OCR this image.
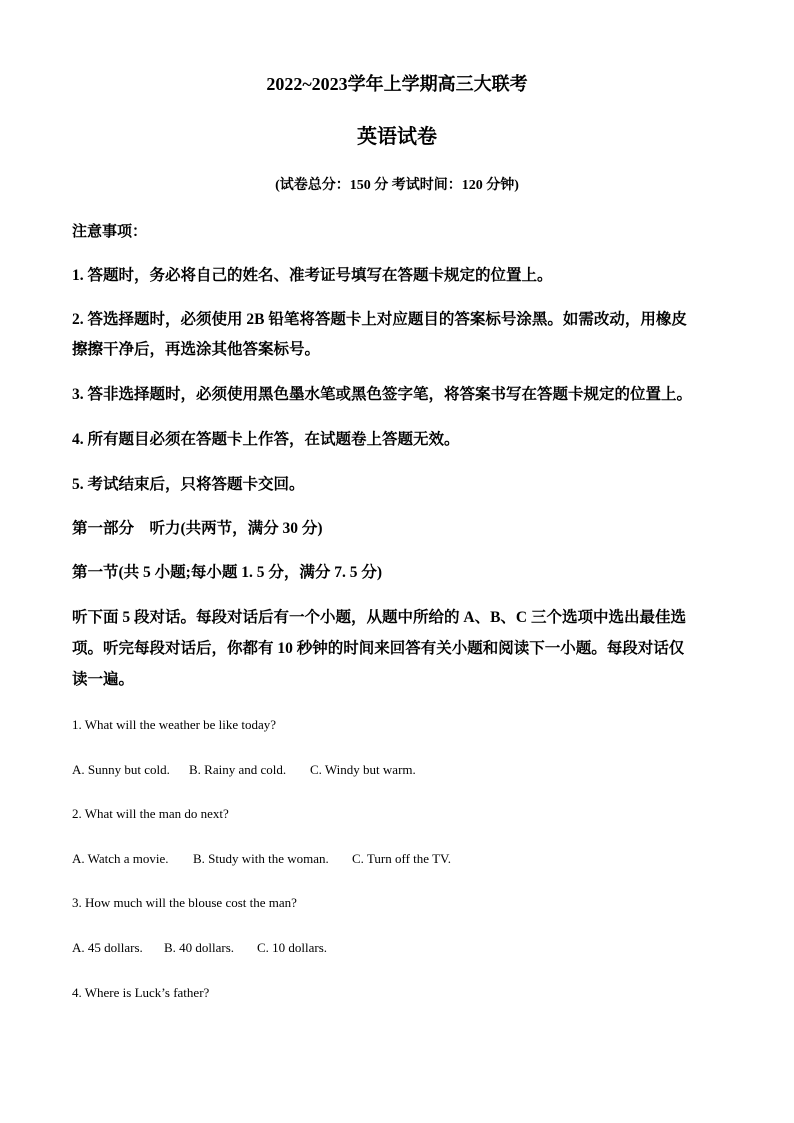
2022~2023学年上学期高三大联考
英语试卷
(试卷总分：150 分 考试时间：120 分钟)
注意事项：
1. 答题时，务必将自己的姓名、准考证号填写在答题卡规定的位置上。
2. 答选择题时，必须使用 2B 铅笔将答题卡上对应题目的答案标号涂黑。如需改动，用橡皮
擦擦干净后，再选涂其他答案标号。
3. 答非选择题时，必须使用黑色墨水笔或黑色签字笔，将答案书写在答题卡规定的位置上。
4. 所有题目必须在答题卡上作答，在试题卷上答题无效。
5. 考试结束后，只将答题卡交回。
第一部分　听力(共两节，满分 30 分)
第一节(共 5 小题;每小题 1. 5 分，满分 7. 5 分)
听下面 5 段对话。每段对话后有一个小题，从题中所给的 A、B、C 三个选项中选出最佳选
项。听完每段对话后，你都有 10 秒钟的时间来回答有关小题和阅读下一小题。每段对话仅
读一遍。
1. What will the weather be like today?
A. Sunny but cold. B. Rainy and cold. C. Windy but warm.
2. What will the man do next?
A. Watch a movie. B. Study with the woman. C. Turn off the TV.
3. How much will the blouse cost the man?
A. 45 dollars. B. 40 dollars. C. 10 dollars.
4. Where is Luck’s father?
